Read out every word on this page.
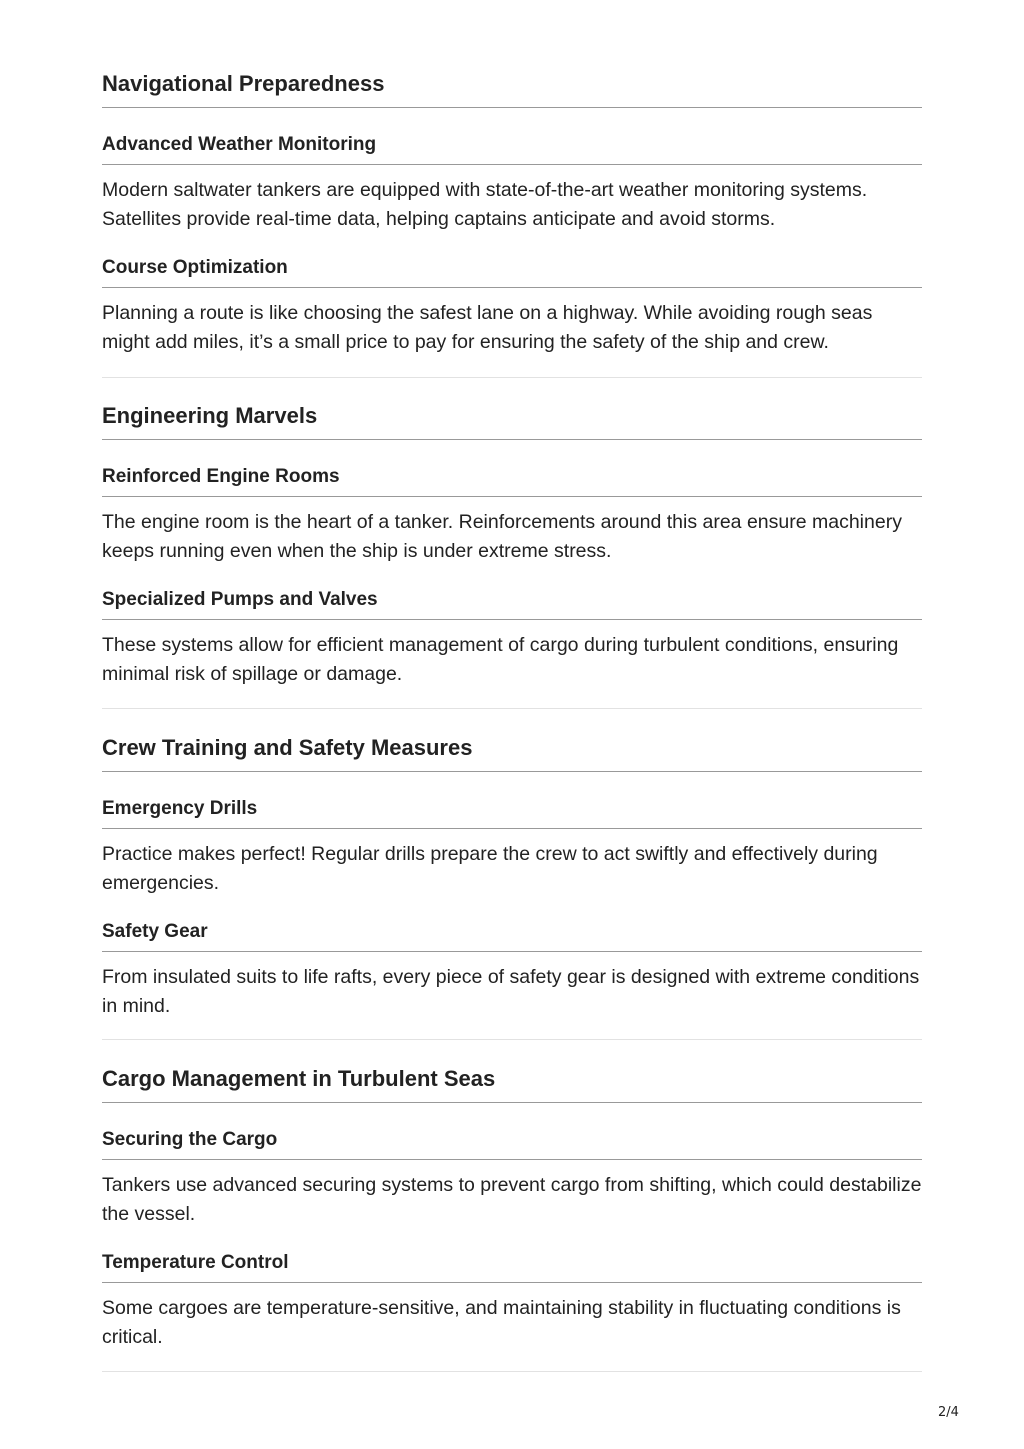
Navigational Preparedness
Advanced Weather Monitoring

Modern saltwater tankers are equipped with state-of-the-art weather monitoring systems. Satellites provide real-time data, helping captains anticipate and avoid storms.

Course Optimization

Planning a route is like choosing the safest lane on a highway. While avoiding rough seas might add miles, it’s a small price to pay for ensuring the safety of the ship and crew.

Engineering Marvels
Reinforced Engine Rooms

The engine room is the heart of a tanker. Reinforcements around this area ensure machinery keeps running even when the ship is under extreme stress.

Specialized Pumps and Valves

These systems allow for efficient management of cargo during turbulent conditions, ensuring minimal risk of spillage or damage.

Crew Training and Safety Measures
Emergency Drills

Practice makes perfect! Regular drills prepare the crew to act swiftly and effectively during emergencies.

Safety Gear

From insulated suits to life rafts, every piece of safety gear is designed with extreme conditions in mind.

Cargo Management in Turbulent Seas
Securing the Cargo

Tankers use advanced securing systems to prevent cargo from shifting, which could destabilize the vessel.

Temperature Control

Some cargoes are temperature-sensitive, and maintaining stability in fluctuating conditions is critical.

2/4
